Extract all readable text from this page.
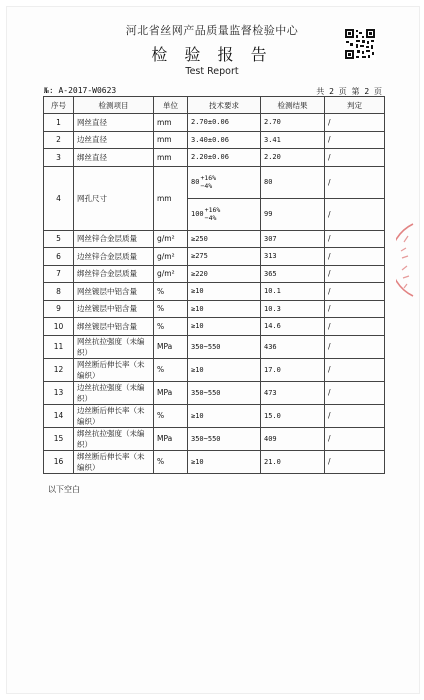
河北省丝网产品质量监督检验中心
检 验 报 告
Test Report
№: A-2017-W0623	共 2 页 第 2 页
序号	检测项目	单位	技术要求	检测结果	判定
1	网丝直径	mm	2.70±0.06	2.70	/
2	边丝直径	mm	3.40±0.06	3.41	/
3	绑丝直径	mm	2.20±0.06	2.20	/
4	网孔尺寸	mm	80 +16%
−4%	80	/

			100 +16%
−4%	99	/
5	网丝锌合金层质量	g/m²	≥250	307	/
6	边丝锌合金层质量	g/m²	≥275	313	/
7	绑丝锌合金层质量	g/m²	≥220	365	/
8	网丝镀层中铝含量	%	≥10	10.1	/
9	边丝镀层中铝含量	%	≥10	10.3	/
10	绑丝镀层中铝含量	%	≥10	14.6	/
11	网丝抗拉强度（未编织）	MPa	350~550	436	/
12	网丝断后伸长率（未编织）	%	≥10	17.0	/
13	边丝抗拉强度（未编织）	MPa	350~550	473	/
14	边丝断后伸长率（未编织）	%	≥10	15.0	/
15	绑丝抗拉强度（未编织）	MPa	350~550	409	/
16	绑丝断后伸长率（未编织）	%	≥10	21.0	/
以下空白
